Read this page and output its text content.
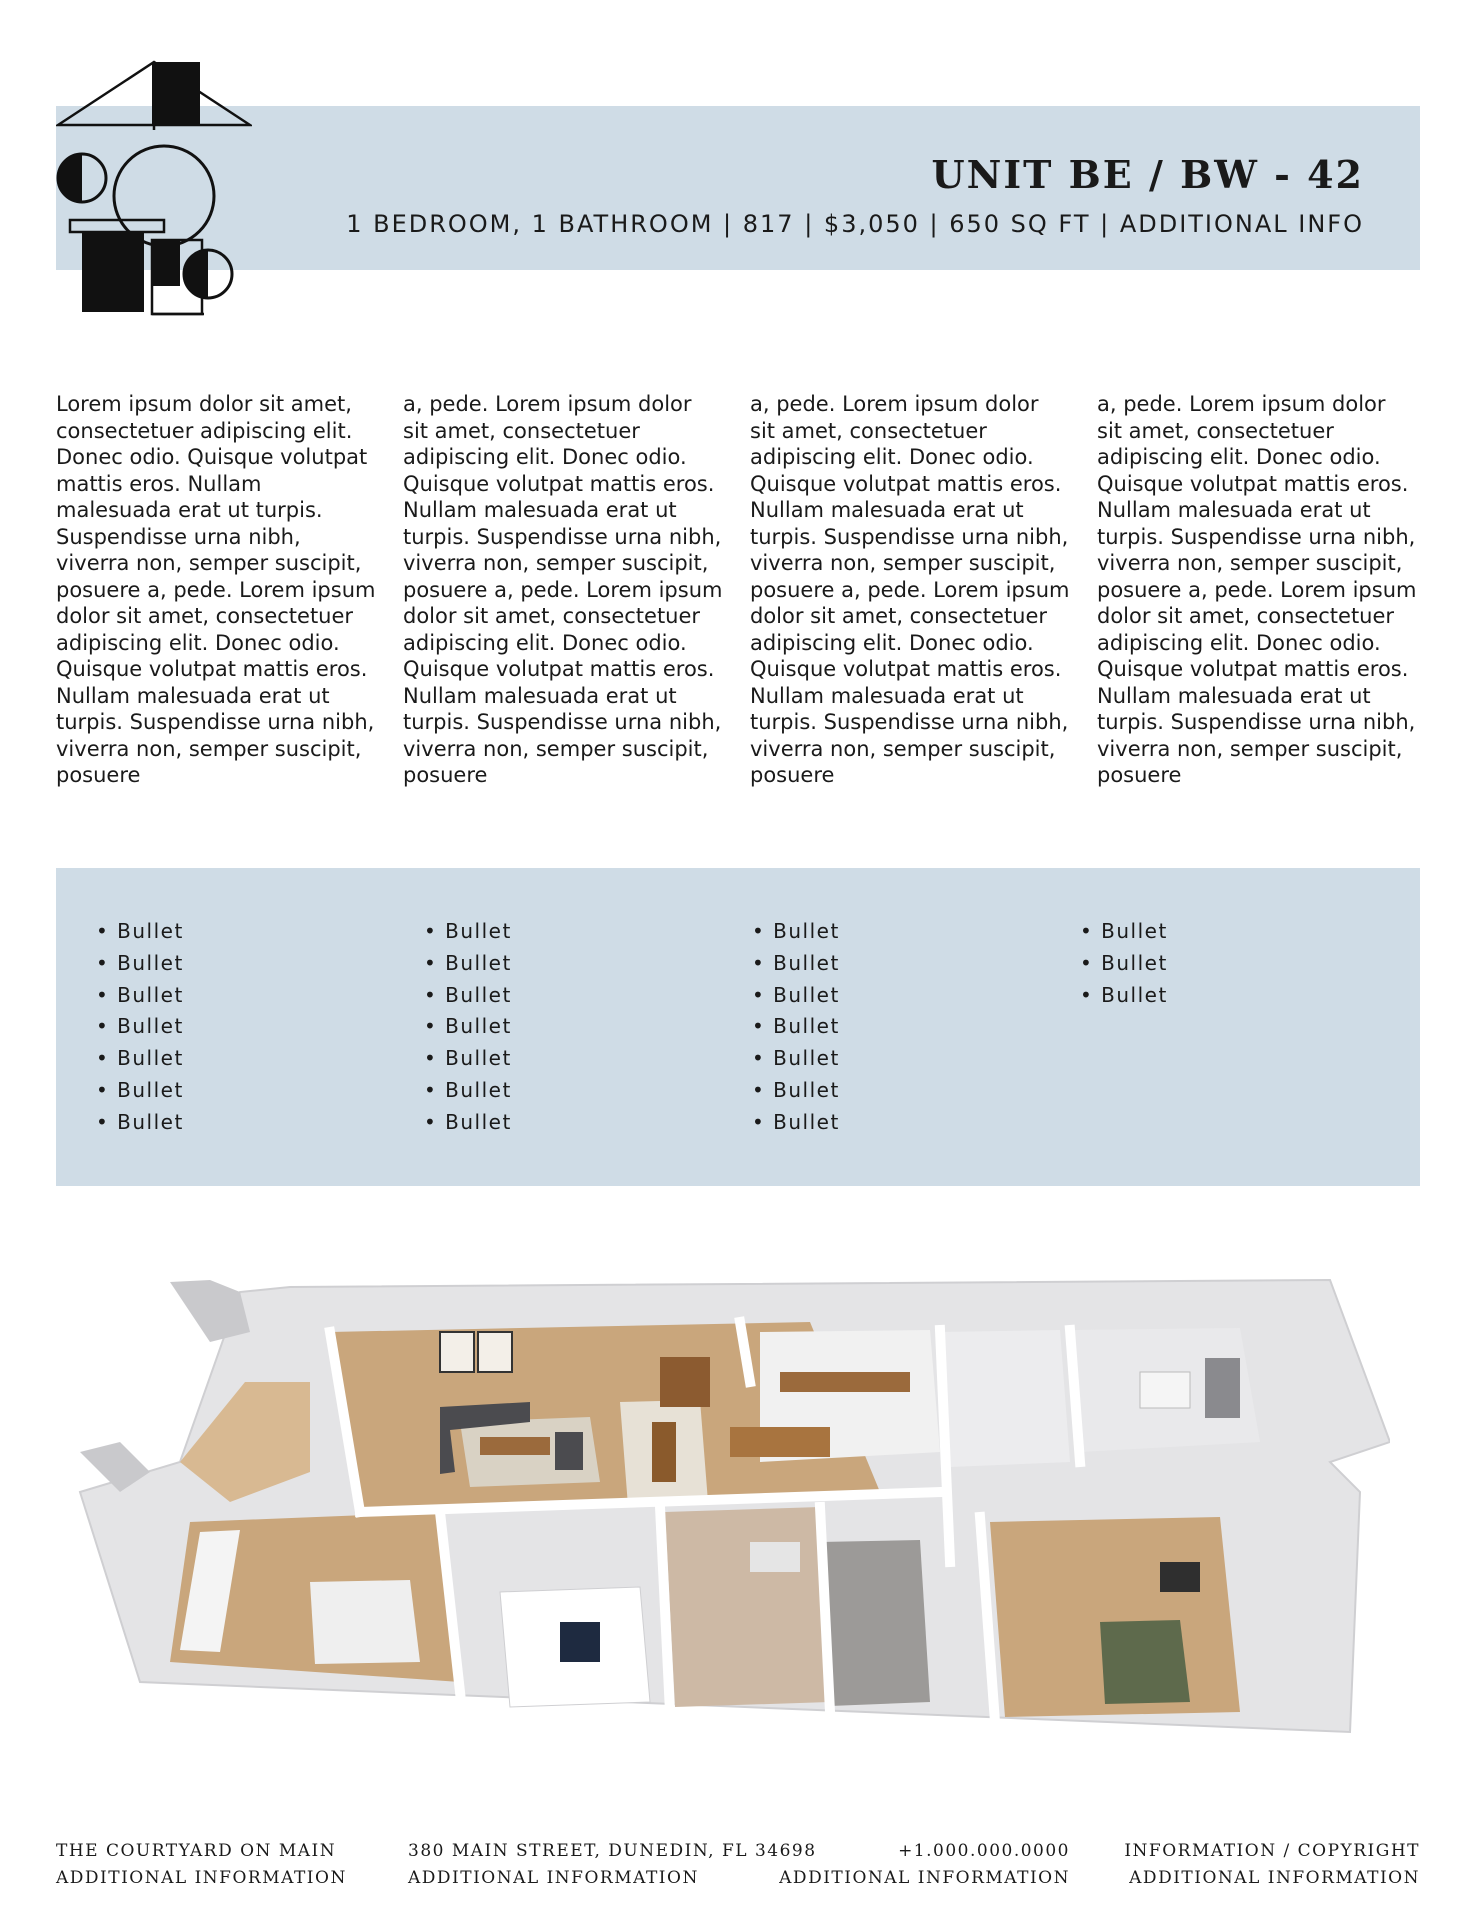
UNIT BE / BW - 42

1 BEDROOM, 1 BATHROOM | 817 | $3,050 | 650 SQ FT | ADDITIONAL INFO

Lorem ipsum dolor sit amet, consectetuer adipiscing elit. Donec odio. Quisque volutpat mattis eros. Nullam malesuada erat ut turpis. Suspendisse urna nibh, viverra non, semper suscipit, posuere a, pede. Lorem ipsum dolor sit amet, consectetuer adipiscing elit. Donec odio. Quisque volutpat mattis eros. Nullam malesuada erat ut turpis. Suspendisse urna nibh, viverra non, semper suscipit, posuere

a, pede. Lorem ipsum dolor sit amet, consectetuer adipiscing elit. Donec odio. Quisque volutpat mattis eros. Nullam malesuada erat ut turpis. Suspendisse urna nibh, viverra non, semper suscipit, posuere a, pede. Lorem ipsum dolor sit amet, consectetuer adipiscing elit. Donec odio. Quisque volutpat mattis eros. Nullam malesuada erat ut turpis. Suspendisse urna nibh, viverra non, semper suscipit, posuere

a, pede. Lorem ipsum dolor sit amet, consectetuer adipiscing elit. Donec odio. Quisque volutpat mattis eros. Nullam malesuada erat ut turpis. Suspendisse urna nibh, viverra non, semper suscipit, posuere a, pede. Lorem ipsum dolor sit amet, consectetuer adipiscing elit. Donec odio. Quisque volutpat mattis eros. Nullam malesuada erat ut turpis. Suspendisse urna nibh, viverra non, semper suscipit, posuere

a, pede. Lorem ipsum dolor sit amet, consectetuer adipiscing elit. Donec odio. Quisque volutpat mattis eros. Nullam malesuada erat ut turpis. Suspendisse urna nibh, viverra non, semper suscipit, posuere a, pede. Lorem ipsum dolor sit amet, consectetuer adipiscing elit. Donec odio. Quisque volutpat mattis eros. Nullam malesuada erat ut turpis. Suspendisse urna nibh, viverra non, semper suscipit, posuere

• Bullet
• Bullet
• Bullet
• Bullet
• Bullet
• Bullet
• Bullet
• Bullet
• Bullet
• Bullet
• Bullet
• Bullet
• Bullet
• Bullet
• Bullet
• Bullet
• Bullet
• Bullet
• Bullet
• Bullet
• Bullet
• Bullet
• Bullet
• Bullet
THE COURTYARD ON MAIN
ADDITIONAL INFORMATION
380 MAIN STREET, DUNEDIN, FL 34698
ADDITIONAL INFORMATION
+1.000.000.0000
ADDITIONAL INFORMATION
INFORMATION / COPYRIGHT
ADDITIONAL INFORMATION
